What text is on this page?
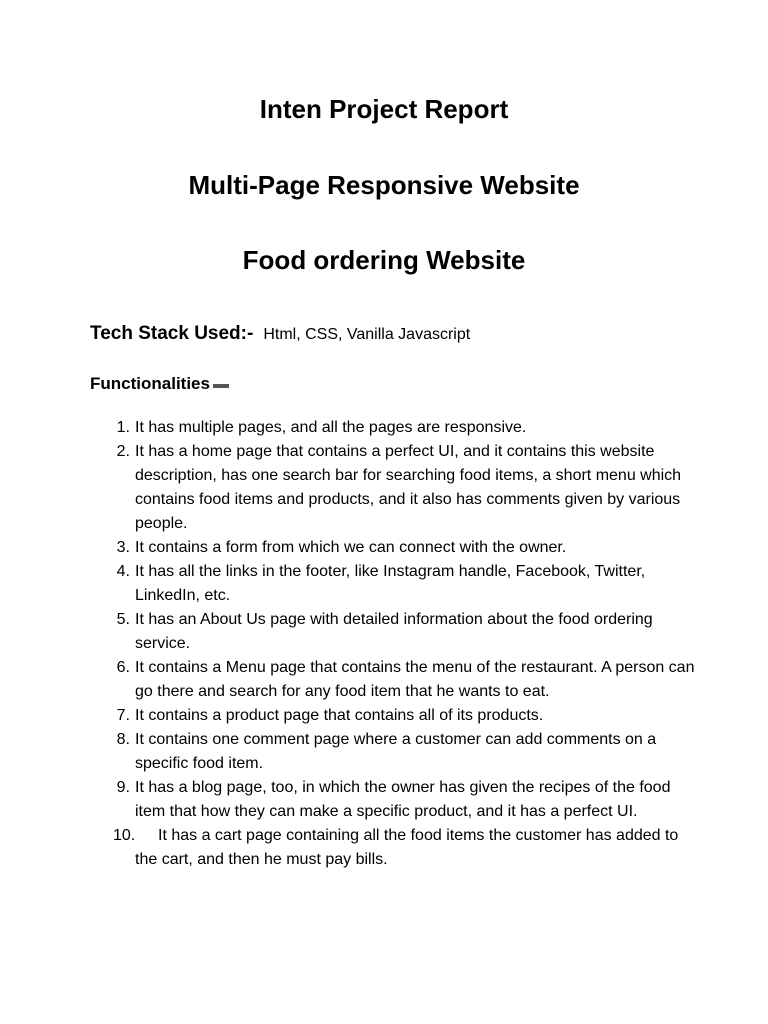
Inten Project Report
Multi-Page Responsive Website
Food ordering Website
Tech Stack Used:- Html, CSS, Vanilla Javascript
Functionalities
1. It has multiple pages, and all the pages are responsive.
2. It has a home page that contains a perfect UI, and it contains this website description, has one search bar for searching food items, a short menu which contains food items and products, and it also has comments given by various people.
3. It contains a form from which we can connect with the owner.
4. It has all the links in the footer, like Instagram handle, Facebook, Twitter, LinkedIn, etc.
5. It has an About Us page with detailed information about the food ordering service.
6. It contains a Menu page that contains the menu of the restaurant. A person can go there and search for any food item that he wants to eat.
7. It contains a product page that contains all of its products.
8. It contains one comment page where a customer can add comments on a specific food item.
9. It has a blog page, too, in which the owner has given the recipes of the food item that how they can make a specific product, and it has a perfect UI.
10.	It has a cart page containing all the food items the customer has added to the cart, and then he must pay bills.
